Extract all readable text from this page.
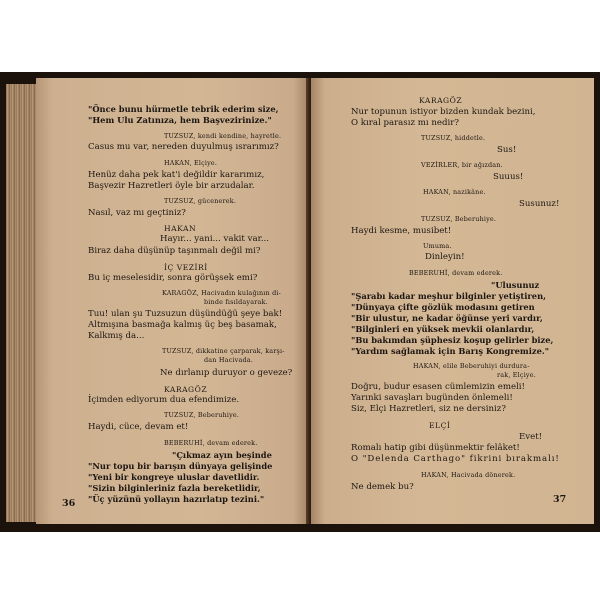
"Önce bunu hürmetle tebrik ederim size,
"Hem Ulu Zatınıza, hem Başvezirinize."
TUZSUZ, kendi kendine, hayretle.
Casus mu var, nereden duyulmuş ısrarımız?
HAKAN, Elçiye.
Henüz daha pek kat'i değildir kararımız,
Başvezir Hazretleri öyle bir arzudalar.
TUZSUZ, gücenerek.
Nasıl, vaz mı geçtiniz?
HAKAN
Hayır... yani... vakit var...
Biraz daha düşünüp taşınmalı değil mi?
İÇ VEZİRİ
Bu iç meselesidir, sonra görüşsek emi?
KARAGÖZ, Hacivadın kulağının di-
binde fısıldayarak.
Tuu! ulan şu Tuzsuzun düşündüğü şeye bak!
Altmışına basmağa kalmış üç beş basamak,
Kalkmış da...
TUZSUZ, dikkatine çarparak, karşı-
dan Hacivada.
Ne dırlanıp duruyor o geveze?
KARAGÖZ
İçimden ediyorum dua efendimize.
TUZSUZ, Beberuhiye.
Haydi, cüce, devam et!
BEBERUHİ, devam ederek.
"Çıkmaz ayın beşinde
"Nur topu bir barışın dünyaya gelişinde
"Yeni bir kongreye uluslar davetlidir.
"Sizin bilginleriniz fazla bereketlidir,
"Üç yüzünü yollayın hazırlatıp tezini."
36
KARAGÖZ
Nur topunun istiyor bizden kundak bezini,
O kıral parasız mı nedir?
TUZSUZ, hiddetle.
Sus!
VEZİRLER, bir ağızdan.
Suuus!
HAKAN, nazikâne.
Susunuz!
TUZSUZ, Beberuhiye.
Haydi kesme, musibet!
Umuma.
Dinleyin!
BEBERUHİ, devam ederek.
"Ulusunuz
"Şarabı kadar meşhur bilginler yetiştiren,
"Dünyaya çifte gözlük modasını getiren
"Bir ulustur, ne kadar öğünse yeri vardır,
"Bilginleri en yüksek mevkii olanlardır,
"Bu bakımdan şüphesiz koşup gelirler bize,
"Yardım sağlamak için Barış Kongremize."
HAKAN, elile Beberuhiyi durdura-
rak, Elçiye.
Doğru, budur esasen cümlemizin emeli!
Yarınki savaşları bugünden önlemeli!
Siz, Elçi Hazretleri, siz ne dersiniz?
ELÇİ
Evet!
Romalı hatip gibi düşünmektir felâket!
O "Delenda Carthago" fikrini bırakmalı!
HAKAN, Hacivada dönerek.
Ne demek bu?
37
